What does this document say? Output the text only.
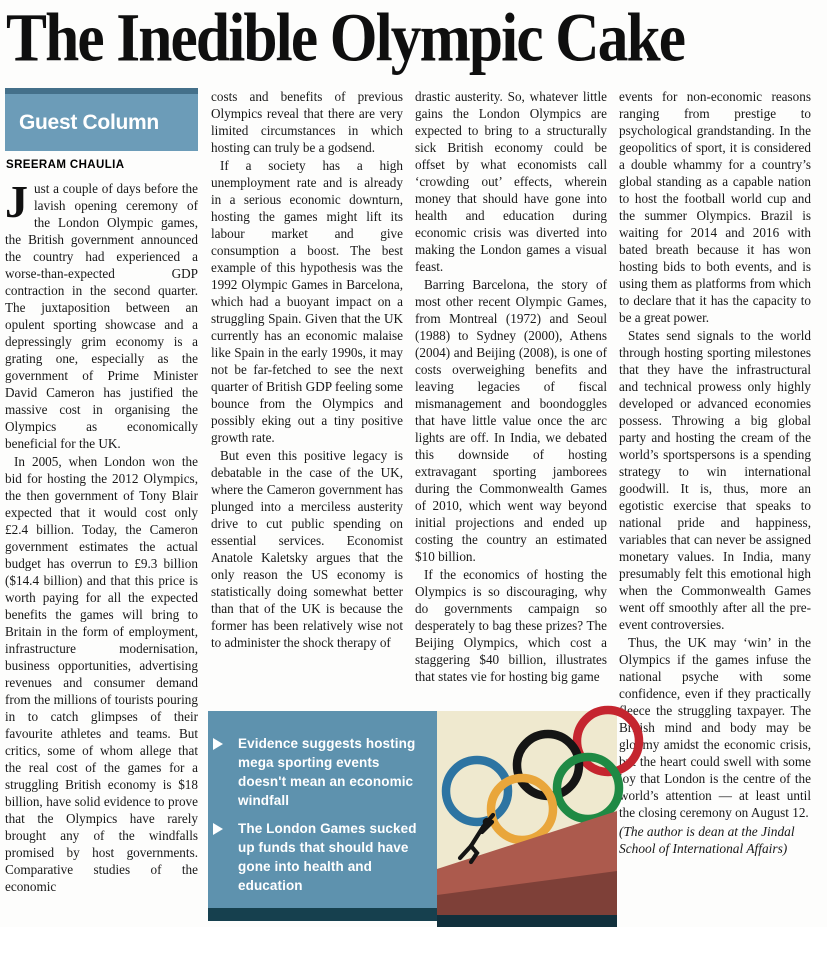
The Inedible Olympic Cake
Guest Column
SREERAM CHAULIA

Just a couple of days before the lavish opening ceremony of the London Olympic games, the British government announced the country had experienced a worse-than-expected GDP contraction in the second quarter. The juxtaposition between an opulent sporting showcase and a depressingly grim economy is a grating one, especially as the government of Prime Minister David Cameron has justified the massive cost in organising the Olympics as economically beneficial for the UK.

In 2005, when London won the bid for hosting the 2012 Olympics, the then government of Tony Blair expected that it would cost only £2.4 billion. Today, the Cameron government estimates the actual budget has overrun to £9.3 billion ($14.4 billion) and that this price is worth paying for all the expected benefits the games will bring to Britain in the form of employment, infrastructure modernisation, business opportunities, advertising revenues and consumer demand from the millions of tourists pouring in to catch glimpses of their favourite athletes and teams. But critics, some of whom allege that the real cost of the games for a struggling British economy is $18 billion, have solid evidence to prove that the Olympics have rarely brought any of the windfalls promised by host governments. Comparative studies of the economic

costs and benefits of previous Olympics reveal that there are very limited circumstances in which hosting can truly be a godsend.

If a society has a high unemployment rate and is already in a serious economic downturn, hosting the games might lift its labour market and give consumption a boost. The best example of this hypothesis was the 1992 Olympic Games in Barcelona, which had a buoyant impact on a struggling Spain. Given that the UK currently has an economic malaise like Spain in the early 1990s, it may not be far-fetched to see the next quarter of British GDP feeling some bounce from the Olympics and possibly eking out a tiny positive growth rate.

But even this positive legacy is debatable in the case of the UK, where the Cameron government has plunged into a merciless austerity drive to cut public spending on essential services. Economist Anatole Kaletsky argues that the only reason the US economy is statistically doing somewhat better than that of the UK is because the former has been relatively wise not to administer the shock therapy of

drastic austerity. So, whatever little gains the London Olympics are expected to bring to a structurally sick British economy could be offset by what economists call ‘crowding out’ effects, wherein money that should have gone into health and education during economic crisis was diverted into making the London games a visual feast.

Barring Barcelona, the story of most other recent Olympic Games, from Montreal (1972) and Seoul (1988) to Sydney (2000), Athens (2004) and Beijing (2008), is one of costs overweighing benefits and leaving legacies of fiscal mismanagement and boondoggles that have little value once the arc lights are off. In India, we debated this downside of hosting extravagant sporting jamborees during the Commonwealth Games of 2010, which went way beyond initial projections and ended up costing the country an estimated $10 billion.

If the economics of hosting the Olympics is so discouraging, why do governments campaign so desperately to bag these prizes? The Beijing Olympics, which cost a staggering $40 billion, illustrates that states vie for hosting big game

events for non-economic reasons ranging from prestige to psychological grandstanding. In the geopolitics of sport, it is considered a double whammy for a country’s global standing as a capable nation to host the football world cup and the summer Olympics. Brazil is waiting for 2014 and 2016 with bated breath because it has won hosting bids to both events, and is using them as platforms from which to declare that it has the capacity to be a great power.

States send signals to the world through hosting sporting milestones that they have the infrastructural and technical prowess only highly developed or advanced economies possess. Throwing a big global party and hosting the cream of the world’s sportspersons is a spending strategy to win international goodwill. It is, thus, more an egotistic exercise that speaks to national pride and happiness, variables that can never be assigned monetary values. In India, many presumably felt this emotional high when the Commonwealth Games went off smoothly after all the pre-event controversies.

Thus, the UK may ‘win’ in the Olympics if the games infuse the national psyche with some confidence, even if they practically fleece the struggling taxpayer. The British mind and body may be gloomy amidst the economic crisis, but the heart could swell with some joy that London is the centre of the world’s attention — at least until the closing ceremony on August 12.

(The author is dean at the Jindal School of International Affairs)

Evidence suggests hosting mega sporting events doesn't mean an economic windfall
The London Games sucked up funds that should have gone into health and education
events to try and announce their big-power aspirations
